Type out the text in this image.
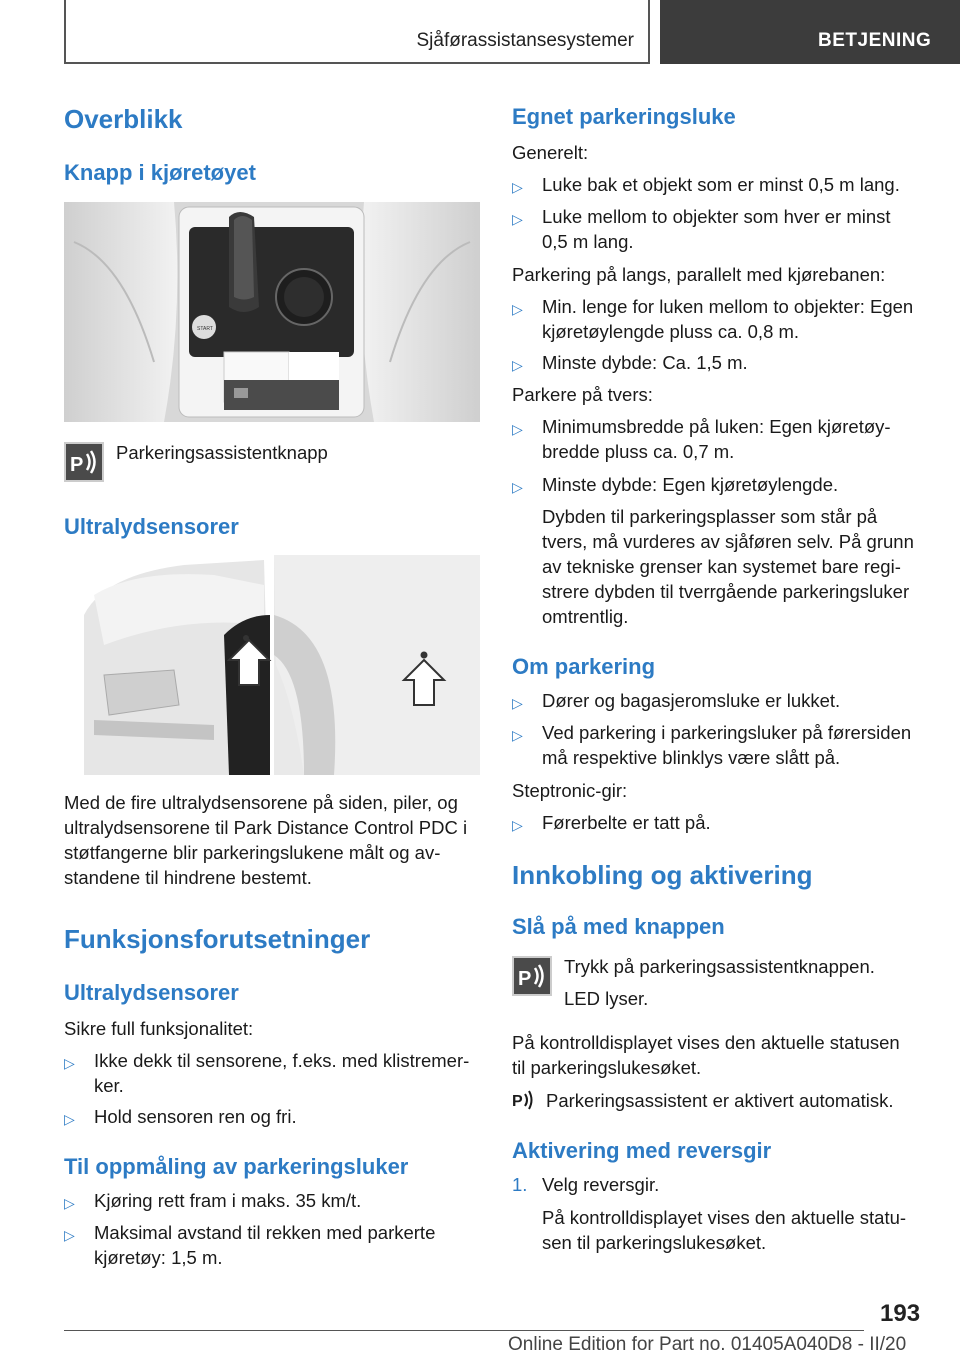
Sjåførassistansesystemer	BETJENING
Overblikk
Knapp i kjøretøyet
START
P
Parkeringsassistentknapp
Ultralydsensorer
Med de fire ultralydsensorene på siden, piler, og
ultralydsensorene til Park Distance Control PDC i
støtfangerne blir parkeringslukene målt og av-
standene til hindrene bestemt.
Funksjonsforutsetninger
Ultralydsensorer
Sikre full funksjonalitet:
▷ Ikke dekk til sensorene, f.eks. med klistremer-
ker.
▷ Hold sensoren ren og fri.
Til oppmåling av parkeringsluker
▷ Kjøring rett fram i maks. 35 km/t.
▷ Maksimal avstand til rekken med parkerte
kjøretøy: 1,5 m.
Egnet parkeringsluke
Generelt:
▷ Luke bak et objekt som er minst 0,5 m lang.
▷ Luke mellom to objekter som hver er minst
0,5 m lang.
Parkering på langs, parallelt med kjørebanen:
▷ Min. lenge for luken mellom to objekter: Egen
kjøretøylengde pluss ca. 0,8 m.
▷ Minste dybde: Ca. 1,5 m.
Parkere på tvers:
▷ Minimumsbredde på luken: Egen kjøretøy-
bredde pluss ca. 0,7 m.
▷ Minste dybde: Egen kjøretøylengde.
Dybden til parkeringsplasser som står på
tvers, må vurderes av sjåføren selv. På grunn
av tekniske grenser kan systemet bare regi-
strere dybden til tverrgående parkeringsluker
omtrentlig.
Om parkering
▷ Dører og bagasjeromsluke er lukket.
▷ Ved parkering i parkeringsluker på førersiden
må respektive blinklys være slått på.
Steptronic-gir:
▷ Førerbelte er tatt på.
Innkobling og aktivering
Slå på med knappen
P
Trykk på parkeringsassistentknappen.
LED lyser.
På kontrolldisplayet vises den aktuelle statusen
til parkeringslukesøket.
P Parkeringsassistent er aktivert automatisk.
Aktivering med reversgir
1. Velg reversgir.
På kontrolldisplayet vises den aktuelle statu-
sen til parkeringslukesøket.
193
Online Edition for Part no. 01405A040D8 - II/20
